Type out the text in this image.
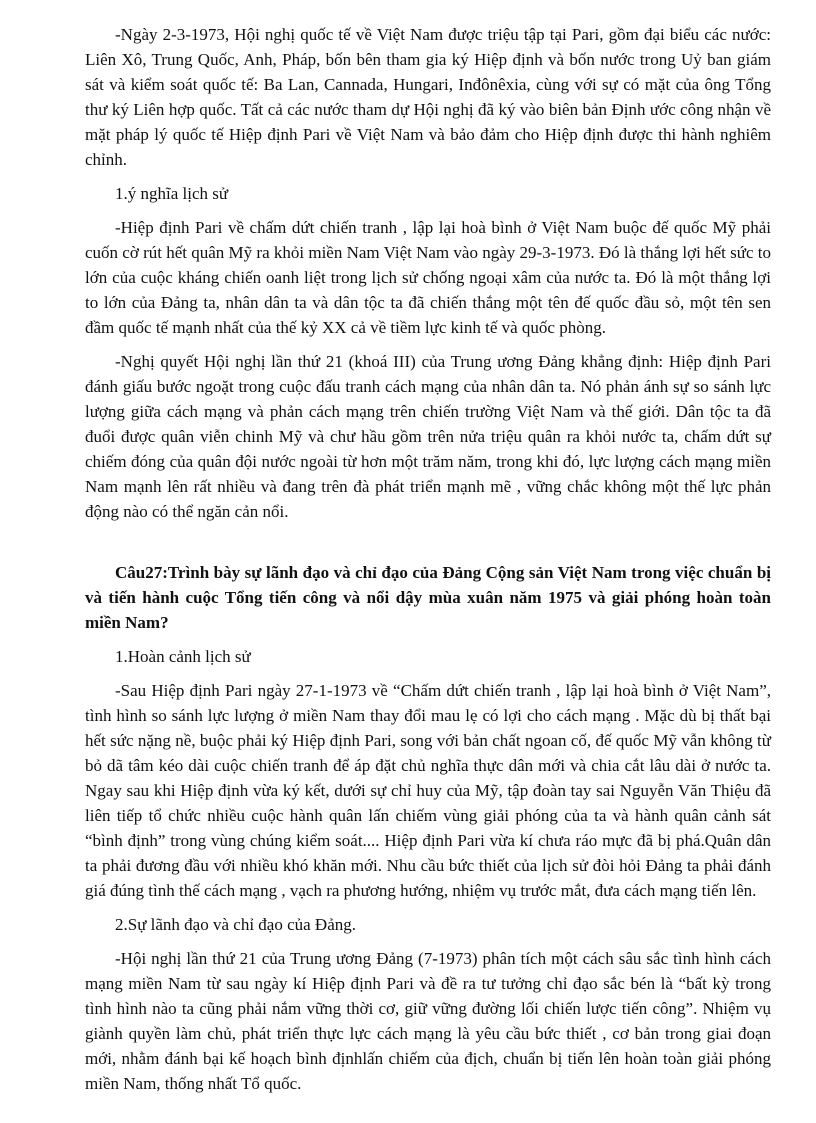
-Ngày 2-3-1973, Hội nghị quốc tế về Việt Nam được triệu tập tại Pari, gồm đại biểu các nước: Liên Xô, Trung Quốc, Anh, Pháp, bốn bên tham gia ký Hiệp định và bốn nước trong Uỷ ban giám sát và kiểm soát quốc tế: Ba Lan, Cannada, Hungari, Inđônêxia, cùng với sự có mặt của ông Tổng thư ký Liên hợp quốc. Tất cả các nước tham dự Hội nghị đã ký vào biên bản Định ước công nhận về mặt pháp lý quốc tế Hiệp định Pari về Việt Nam và bảo đảm cho Hiệp định được thi hành nghiêm chỉnh.

1.ý nghĩa lịch sử

-Hiệp định Pari về chấm dứt chiến tranh , lập lại hoà bình ở Việt Nam buộc đế quốc Mỹ phải cuốn cờ rút hết quân Mỹ ra khỏi miền Nam Việt Nam vào ngày 29-3-1973. Đó là thắng lợi hết sức to lớn của cuộc kháng chiến oanh liệt trong lịch sử chống ngoại xâm của nước ta. Đó là một thắng lợi to lớn của Đảng ta, nhân dân ta và dân tộc ta đã chiến thắng một tên đế quốc đầu sỏ, một tên sen đầm quốc tế mạnh nhất của thế kỷ XX cả về tiềm lực kinh tế và quốc phòng.

-Nghị quyết Hội nghị lần thứ 21 (khoá III) của Trung ương Đảng khẳng định: Hiệp định Pari đánh giấu bước ngoặt trong cuộc đấu tranh cách mạng của nhân dân ta. Nó phản ánh sự so sánh lực lượng giữa cách mạng và phản cách mạng trên chiến trường Việt Nam và thế giới. Dân tộc ta đã đuổi được quân viễn chinh Mỹ và chư hầu gồm trên nửa triệu quân ra khỏi nước ta, chấm dứt sự chiếm đóng của quân đội nước ngoài từ hơn một trăm năm, trong khi đó, lực lượng cách mạng miền Nam mạnh lên rất nhiều và đang trên đà phát triển mạnh mẽ , vững chắc không một thế lực phản động nào có thể ngăn cản nổi.

Câu27:Trình bày sự lãnh đạo và chỉ đạo của Đảng Cộng sản Việt Nam trong việc chuẩn bị và tiến hành cuộc Tổng tiến công và nổi dậy mùa xuân năm 1975 và giải phóng hoàn toàn miền Nam?

1.Hoàn cảnh lịch sử

-Sau Hiệp định Pari ngày 27-1-1973 về “Chấm dứt chiến tranh , lập lại hoà bình ở Việt Nam”, tình hình so sánh lực lượng ở miền Nam thay đổi mau lẹ có lợi cho cách mạng . Mặc dù bị thất bại hết sức nặng nề, buộc phải ký Hiệp định Pari, song với bản chất ngoan cố, đế quốc Mỹ vẫn không từ bỏ dã tâm kéo dài cuộc chiến tranh để áp đặt chủ nghĩa thực dân mới và chia cắt lâu dài ở nước ta. Ngay sau khi Hiệp định vừa ký kết, dưới sự chỉ huy của Mỹ, tập đoàn tay sai Nguyễn Văn Thiệu đã liên tiếp tổ chức nhiều cuộc hành quân lấn chiếm vùng giải phóng của ta và hành quân cảnh sát “bình định” trong vùng chúng kiểm soát.... Hiệp định Pari vừa kí chưa ráo mực đã bị phá.Quân dân ta phải đương đầu với nhiều khó khăn mới. Nhu cầu bức thiết của lịch sử đòi hỏi Đảng ta phải đánh giá đúng tình thế cách mạng , vạch ra phương hướng, nhiệm vụ trước mắt, đưa cách mạng tiến lên.

2.Sự lãnh đạo và chỉ đạo của Đảng.

-Hội nghị lần thứ 21 của Trung ương Đảng (7-1973) phân tích một cách sâu sắc tình hình cách mạng miền Nam từ sau ngày kí Hiệp định Pari và đề ra tư tưởng chỉ đạo sắc bén là “bất kỳ trong tình hình nào ta cũng phải nắm vững thời cơ, giữ vững đường lối chiến lược tiến công”. Nhiệm vụ giành quyền làm chủ, phát triển thực lực cách mạng là yêu cầu bức thiết , cơ bản trong giai đoạn mới, nhằm đánh bại kế hoạch bình địnhlấn chiếm của địch, chuẩn bị tiến lên hoàn toàn giải phóng miền Nam, thống nhất Tổ quốc.
